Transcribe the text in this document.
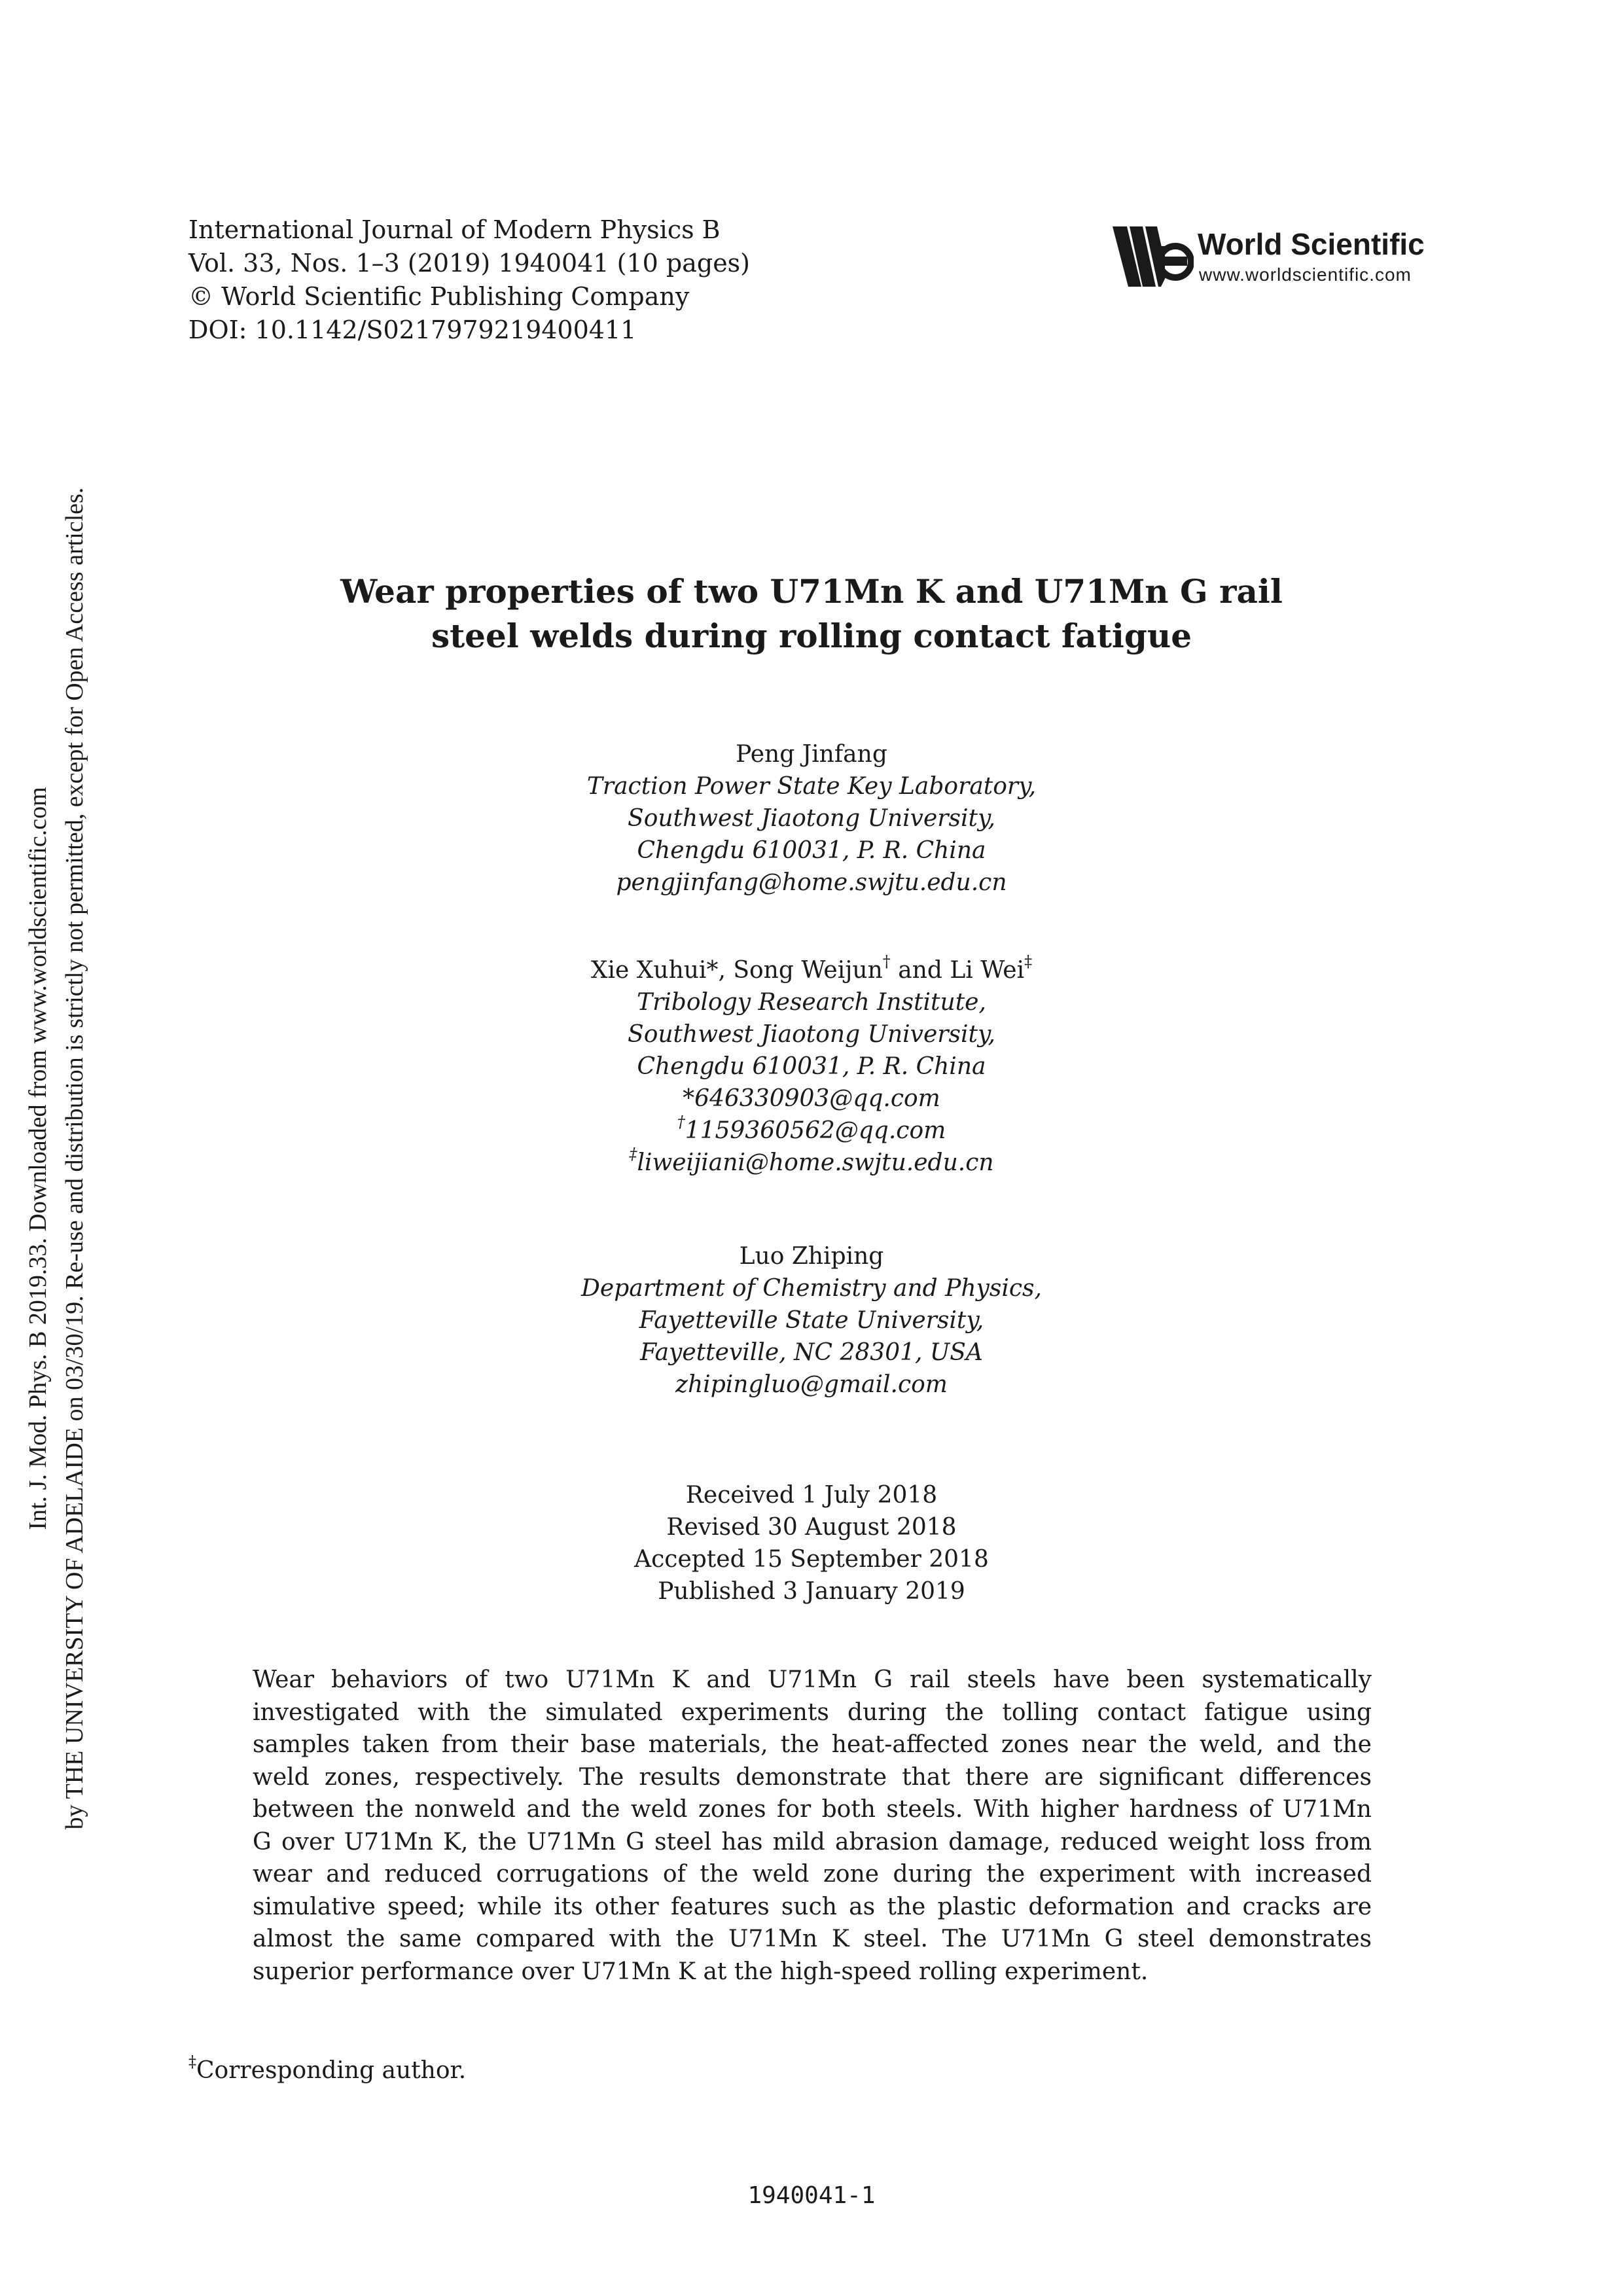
International Journal of Modern Physics B
Vol. 33, Nos. 1–3 (2019) 1940041 (10 pages)
© World Scientific Publishing Company
DOI: 10.1142/S0217979219400411
World Scientific
www.worldscientific.com
Int. J. Mod. Phys. B 2019.33. Downloaded from www.worldscientific.com by THE UNIVERSITY OF ADELAIDE on 03/30/19. Re-use and distribution is strictly not permitted, except for Open Access articles.	Wear properties of two U71Mn K and U71Mn G rail
steel welds during rolling contact fatigue
Peng Jinfang
Traction Power State Key Laboratory,
Southwest Jiaotong University,
Chengdu 610031, P. R. China
pengjinfang@home.swjtu.edu.cn
Xie Xuhui*, Song Weijun† and Li Wei‡
Tribology Research Institute,
Southwest Jiaotong University,
Chengdu 610031, P. R. China
*646330903@qq.com
†1159360562@qq.com
‡liweijiani@home.swjtu.edu.cn
Luo Zhiping
Department of Chemistry and Physics,
Fayetteville State University,
Fayetteville, NC 28301, USA
zhipingluo@gmail.com
Received 1 July 2018
Revised 30 August 2018
Accepted 15 September 2018
Published 3 January 2019
Wear behaviors of two U71Mn K and U71Mn G rail steels have been systematically
investigated with the simulated experiments during the tolling contact fatigue using
samples taken from their base materials, the heat-affected zones near the weld, and the
weld zones, respectively. The results demonstrate that there are significant differences
between the nonweld and the weld zones for both steels. With higher hardness of U71Mn
G over U71Mn K, the U71Mn G steel has mild abrasion damage, reduced weight loss from
wear and reduced corrugations of the weld zone during the experiment with increased
simulative speed; while its other features such as the plastic deformation and cracks are
almost the same compared with the U71Mn K steel. The U71Mn G steel demonstrates
superior performance over U71Mn K at the high-speed rolling experiment.
‡Corresponding author.
1940041-1
